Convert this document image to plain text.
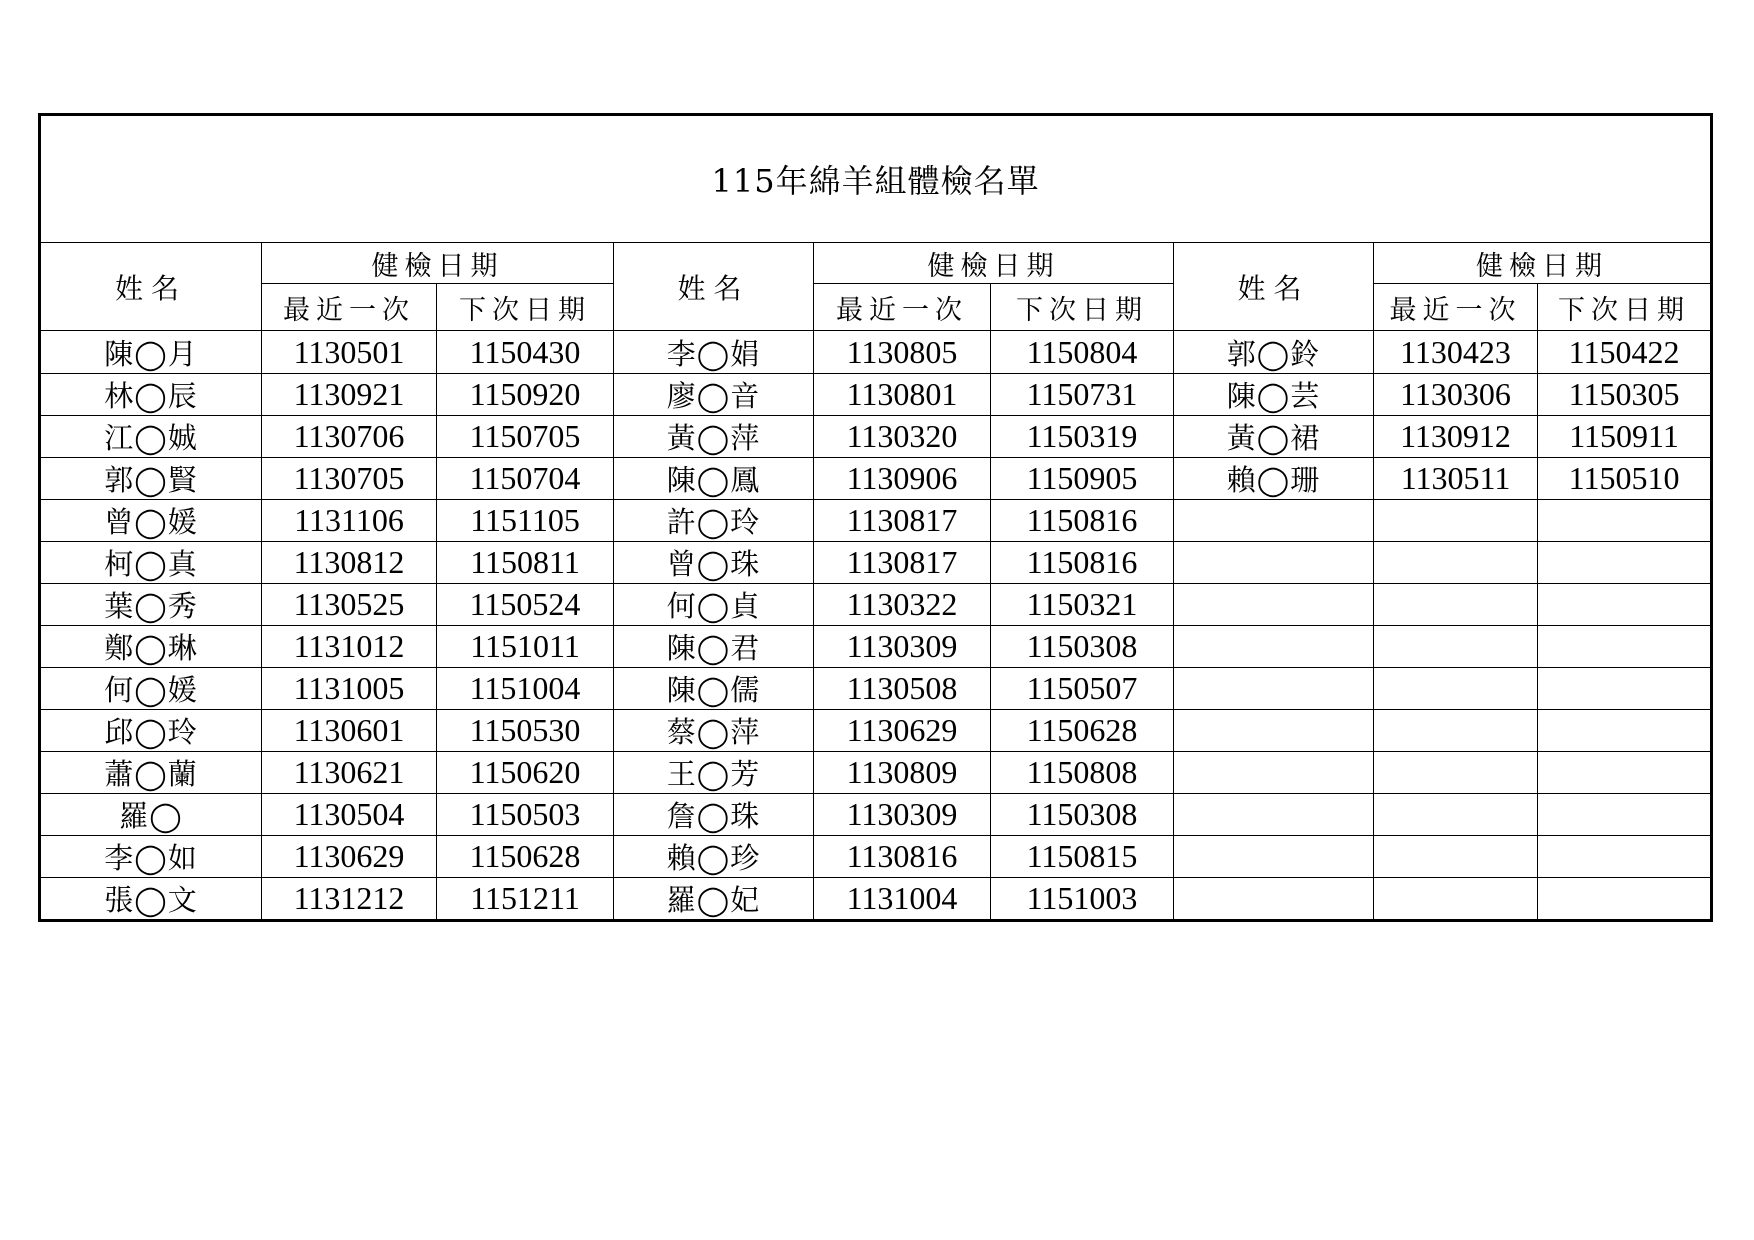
115年綿羊組體檢名單								
姓名	健檢日期		姓名	健檢日期		姓名	健檢日期	
	最近一次	下次日期		最近一次	下次日期		最近一次	下次日期
陳◯月	1130501	1150430	李◯娟	1130805	1150804	郭◯鈴	1130423	1150422
林◯辰	1130921	1150920	廖◯音	1130801	1150731	陳◯芸	1130306	1150305
江◯娍	1130706	1150705	黃◯萍	1130320	1150319	黃◯裙	1130912	1150911
郭◯賢	1130705	1150704	陳◯鳳	1130906	1150905	賴◯珊	1130511	1150510
曾◯媛	1131106	1151105	許◯玲	1130817	1150816			
柯◯真	1130812	1150811	曾◯珠	1130817	1150816			
葉◯秀	1130525	1150524	何◯貞	1130322	1150321			
鄭◯琳	1131012	1151011	陳◯君	1130309	1150308			
何◯媛	1131005	1151004	陳◯儒	1130508	1150507			
邱◯玲	1130601	1150530	蔡◯萍	1130629	1150628			
蕭◯蘭	1130621	1150620	王◯芳	1130809	1150808			
羅◯	1130504	1150503	詹◯珠	1130309	1150308			
李◯如	1130629	1150628	賴◯珍	1130816	1150815			
張◯文	1131212	1151211	羅◯妃	1131004	1151003			
